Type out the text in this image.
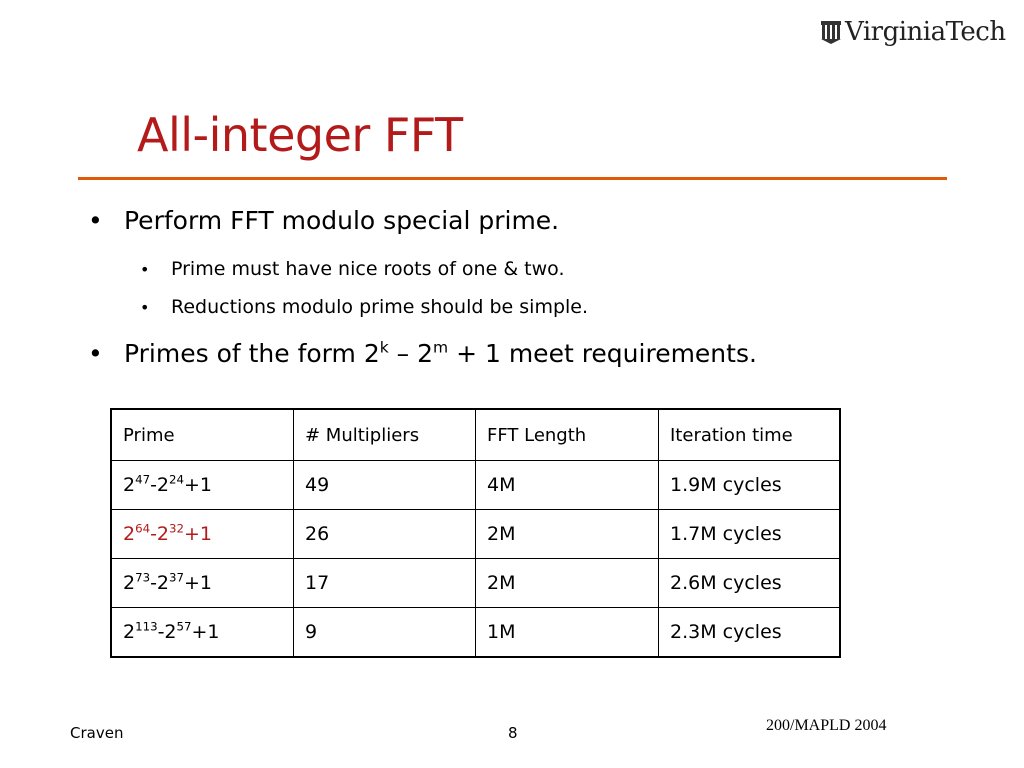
VirginiaTech
All-integer FFT
• Perform FFT modulo special prime.
• Prime must have nice roots of one & two.
• Reductions modulo prime should be simple.
• Primes of the form $2^k - 2^m + 1$ meet requirements.
Prime	# Multipliers	FFT Length	Iteration time
$2^{47}-2^{24}+1$	49	4M	1.9M cycles
$2^{64}-2^{32}+1$	26	2M	1.7M cycles
$2^{73}-2^{37}+1$	17	2M	2.6M cycles
$2^{113}-2^{57}+1$	9	1M	2.3M cycles
Craven	8	200/MAPLD 2004
